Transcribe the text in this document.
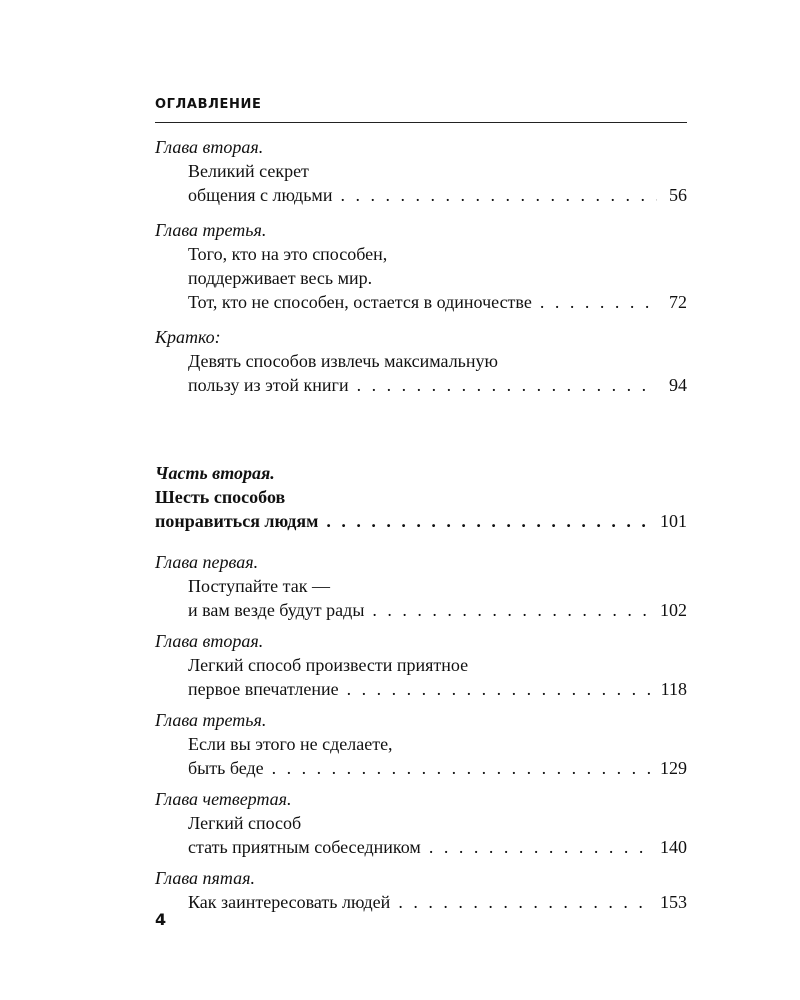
ОГЛАВЛЕНИЕ
Глава вторая.
Великий секрет
общения с людьми . . .	56
Глава третья.
Того, кто на это способен,
поддерживает весь мир.
Тот, кто не способен, остается в одиночестве . . .	72
Кратко:
Девять способов извлечь максимальную
пользу из этой книги . . .	94
Часть вторая.
Шесть способов
понравиться людям . . .	101
Глава первая.
Поступайте так —
и вам везде будут рады . . .	102
Глава вторая.
Легкий способ произвести приятное
первое впечатление . . .	118
Глава третья.
Если вы этого не сделаете,
быть беде . . .	129
Глава четвертая.
Легкий способ
стать приятным собеседником . . .	140
Глава пятая.
Как заинтересовать людей . . .	153
4
